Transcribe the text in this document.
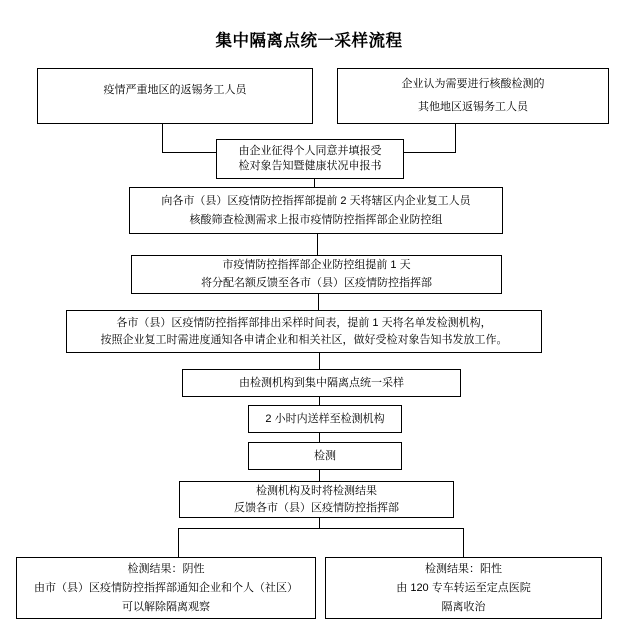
集中隔离点统一采样流程
疫情严重地区的返锡务工人员	企业认为需要进行核酸检测的
其他地区返锡务工人员
由企业征得个人同意并填报受
检对象告知暨健康状况申报书
向各市（县）区疫情防控指挥部提前 2 天将辖区内企业复工人员
核酸筛查检测需求上报市疫情防控指挥部企业防控组
市疫情防控指挥部企业防控组提前 1 天
将分配名额反馈至各市（县）区疫情防控指挥部
各市（县）区疫情防控指挥部排出采样时间表，提前 1 天将名单发检测机构，
按照企业复工时需进度通知各申请企业和相关社区，做好受检对象告知书发放工作。
由检测机构到集中隔离点统一采样
2 小时内送样至检测机构
检测
检测机构及时将检测结果
反馈各市（县）区疫情防控指挥部
检测结果：阴性
由市（县）区疫情防控指挥部通知企业和个人（社区）
可以解除隔离观察
检测结果：阳性
由 120 专车转运至定点医院
隔离收治
